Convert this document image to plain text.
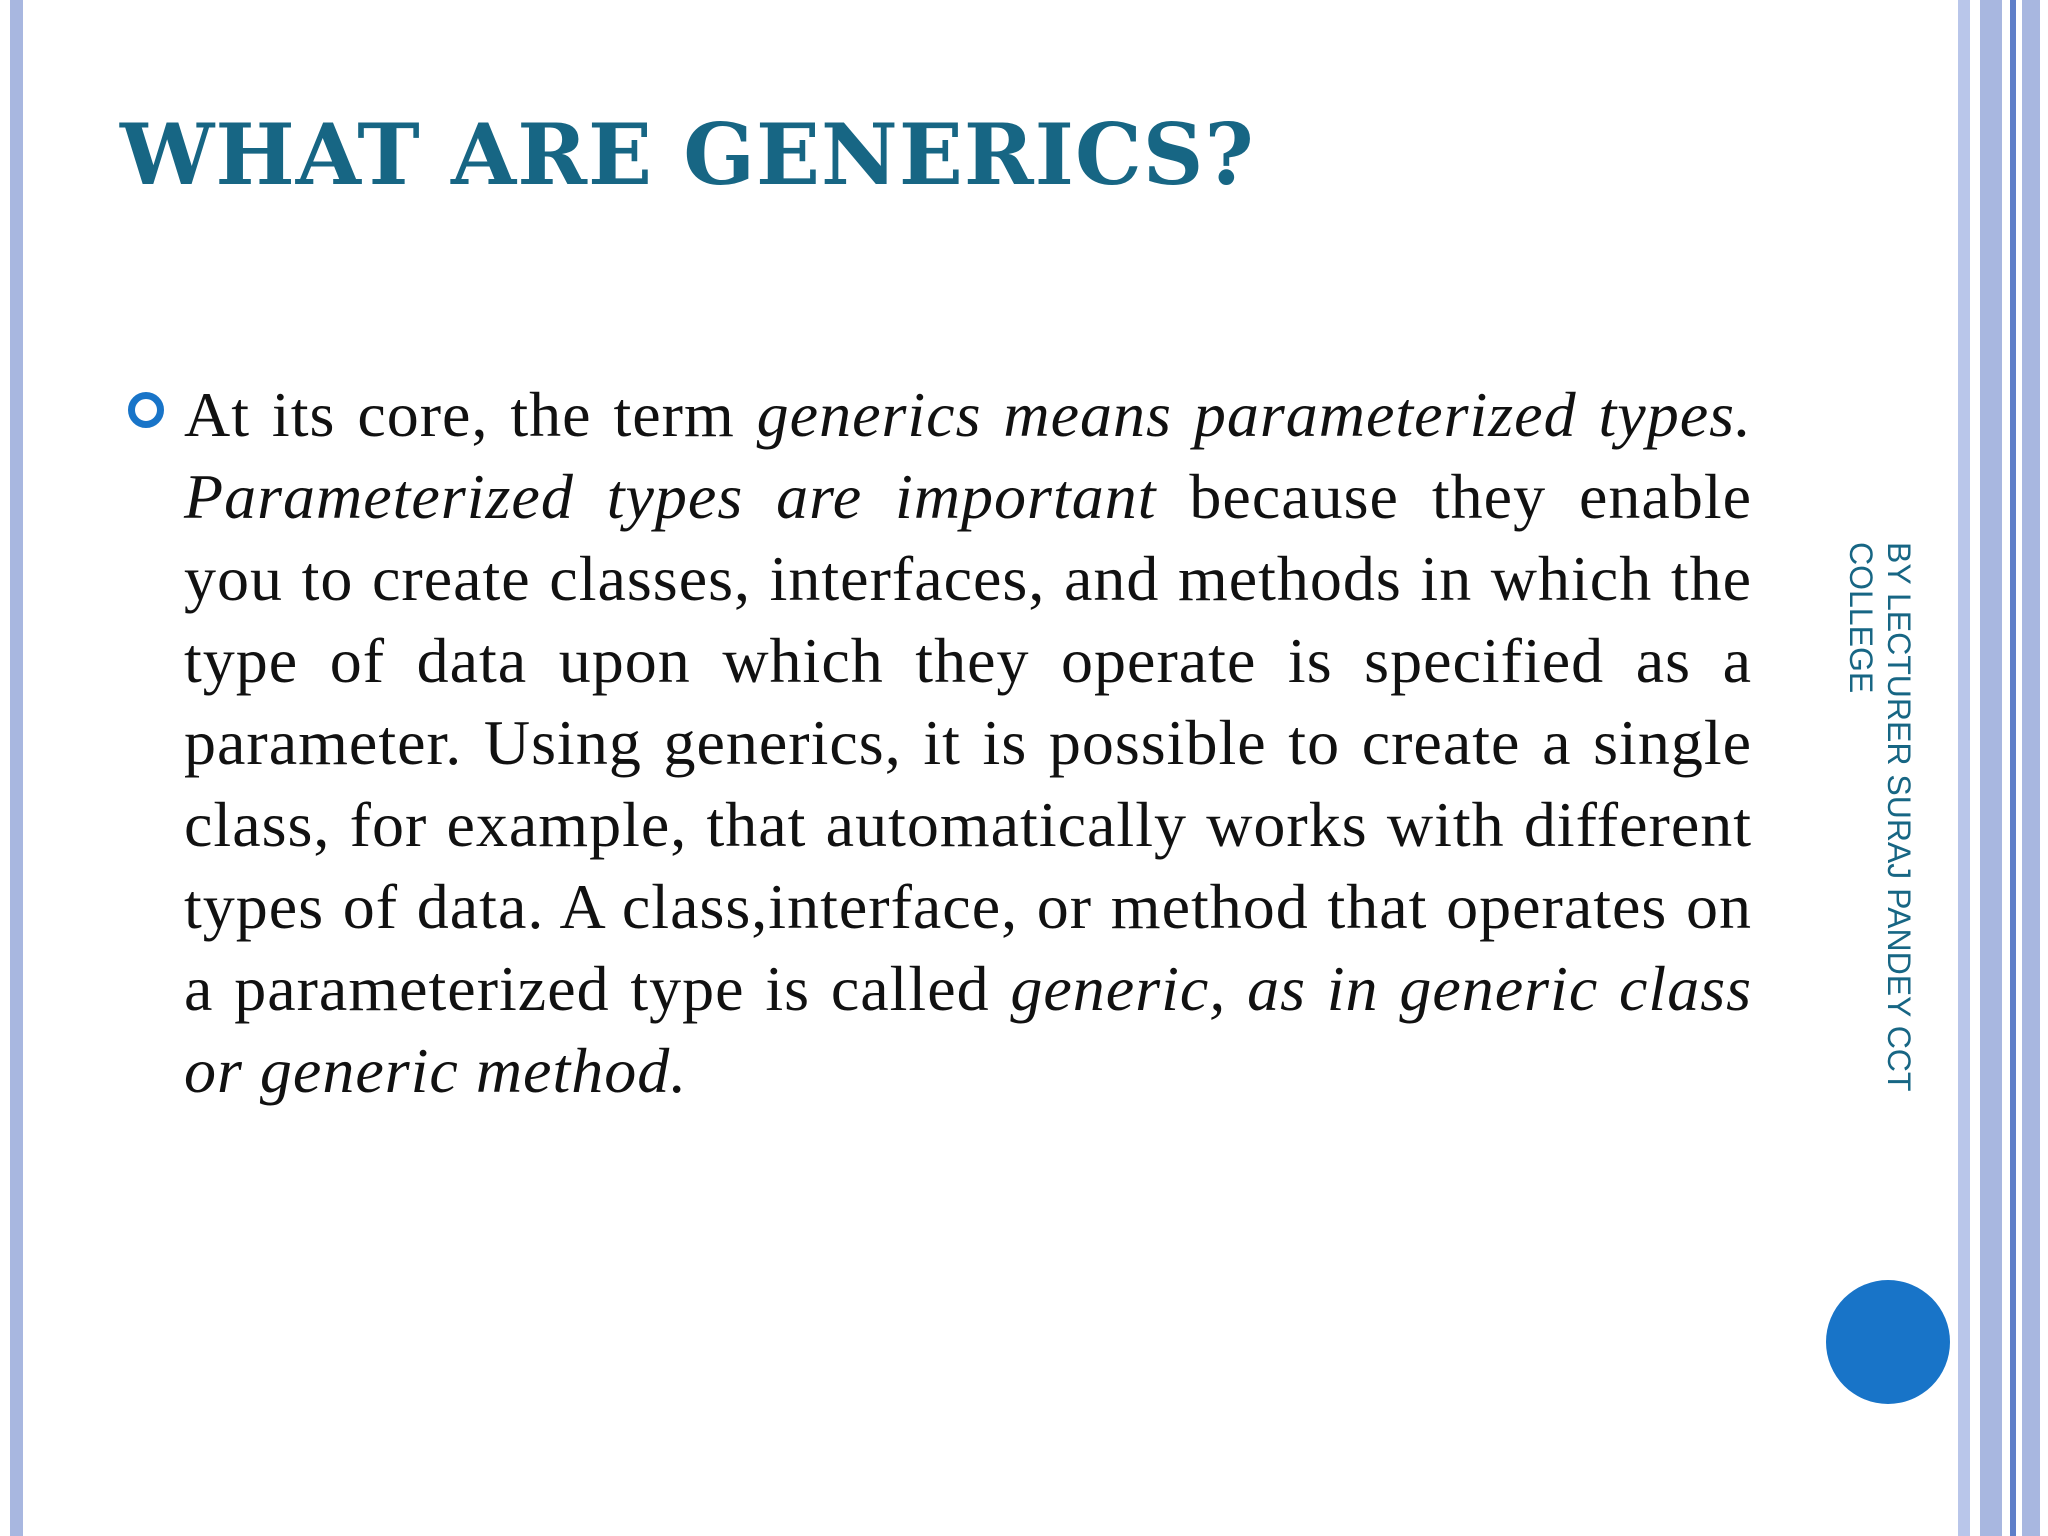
WHAT ARE GENERICS?

At its core, the term generics means parameterized types. Parameterized types are important because they enable you to create classes, interfaces, and methods in which the type of data upon which they operate is specified as a parameter. Using generics, it is possible to create a single class, for example, that automatically works with different types of data. A class,interface, or method that operates on a parameterized type is called generic, as in generic class or generic method.	BY LECTURER SURAJ PANDEY CCT COLLEGE
